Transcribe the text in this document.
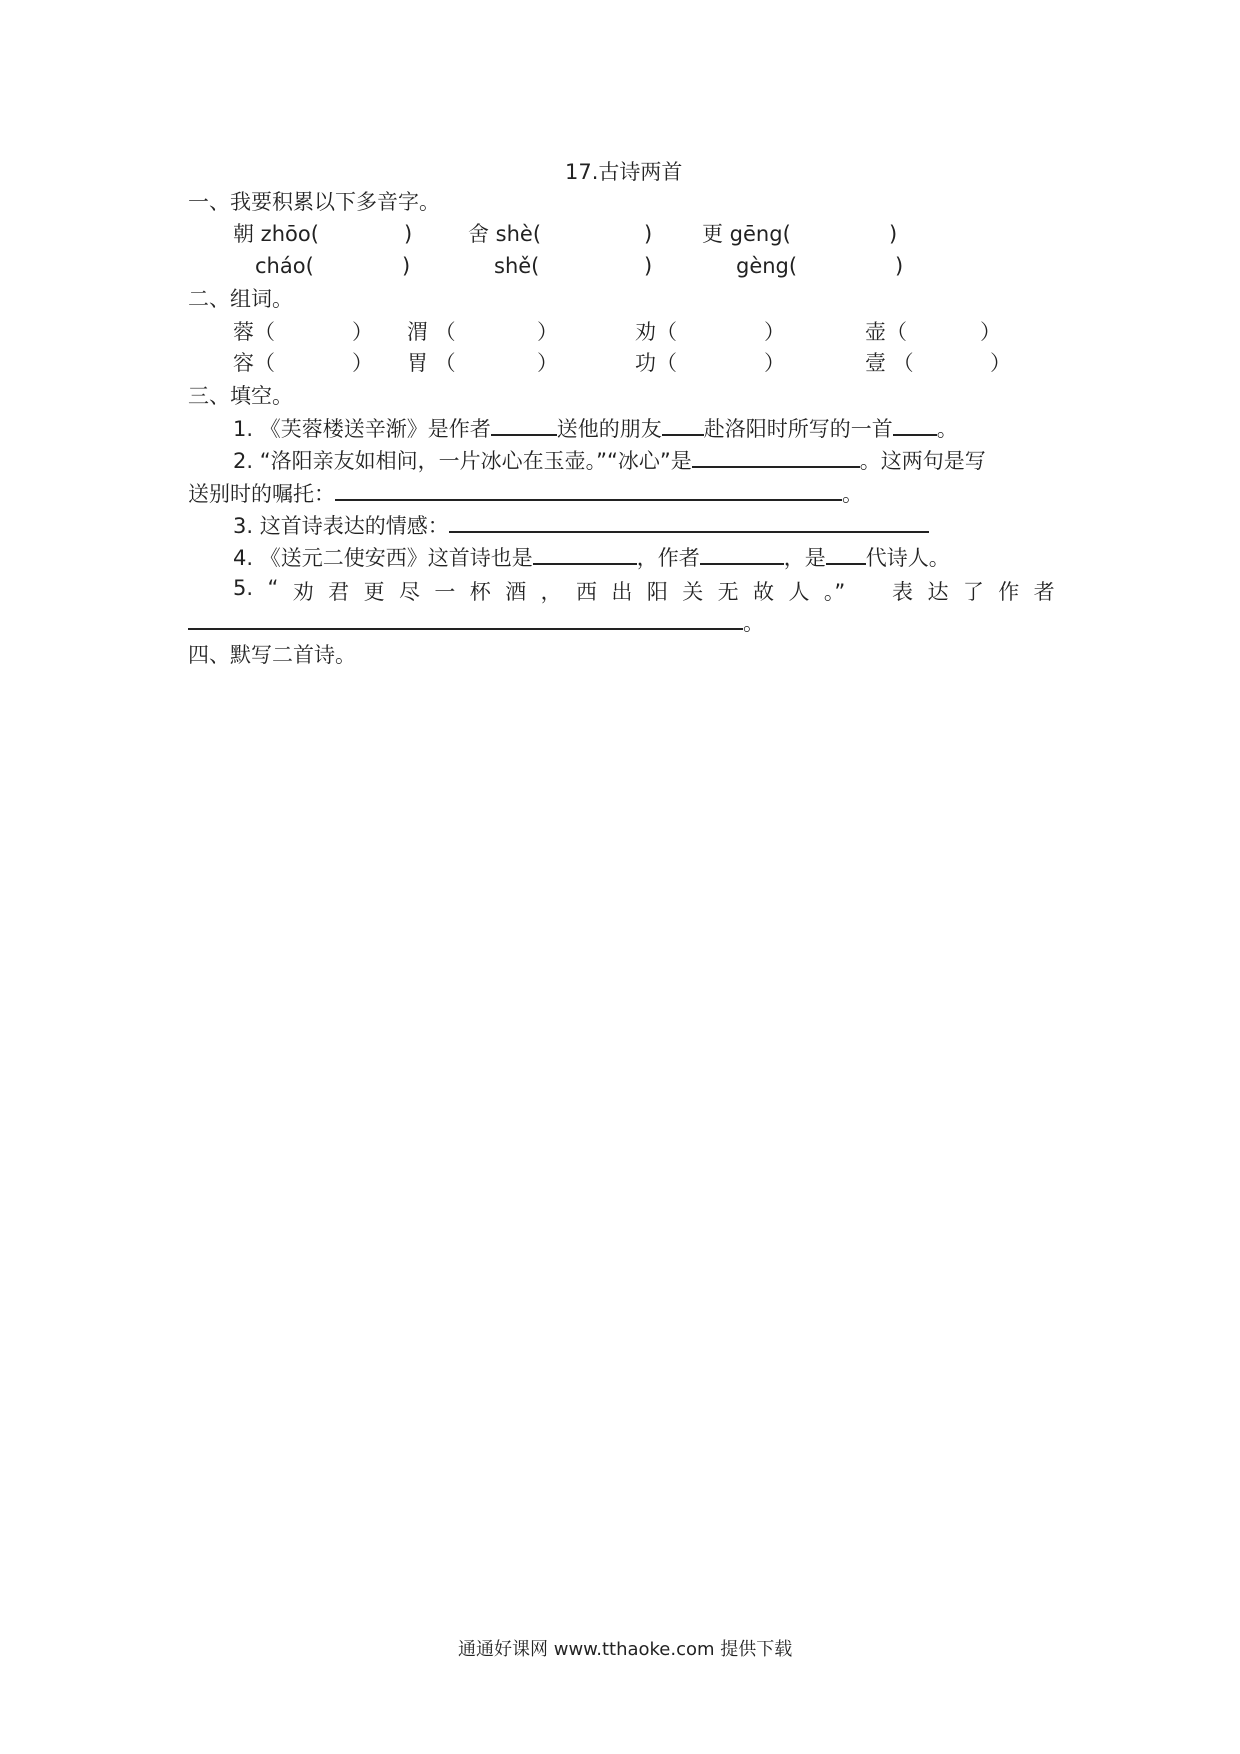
17.古诗两首
一、我要积累以下多音字。
朝 zhōo(	)	舍 shè(	) 更 gēng(	)
cháo(	)	shě(	)	gèng(	)
二、组词。
蓉（	） 渭 （	）	劝（	）	壶（	）
容（	） 胃 （	）	功（	）	壹 （	）
三、填空。
1. 《芙蓉楼送辛渐》是作者	送他的朋友 赴洛阳时所写的一首 。
2. “洛阳亲友如相问，一片冰心在玉壶。”“冰心”是	。这两句是写
送别时的嘱托：	。
3. 这首诗表达的情感：
4. 《送元二使安西》这首诗也是	，作者	，是 代诗人。
5. “ 劝 君 更 尽 一 杯 酒 ， 西 出 阳 关 无 故 人 。” 表 达 了 作 者
。
四、默写二首诗。
通通好课网 www.tthaoke.com 提供下载
